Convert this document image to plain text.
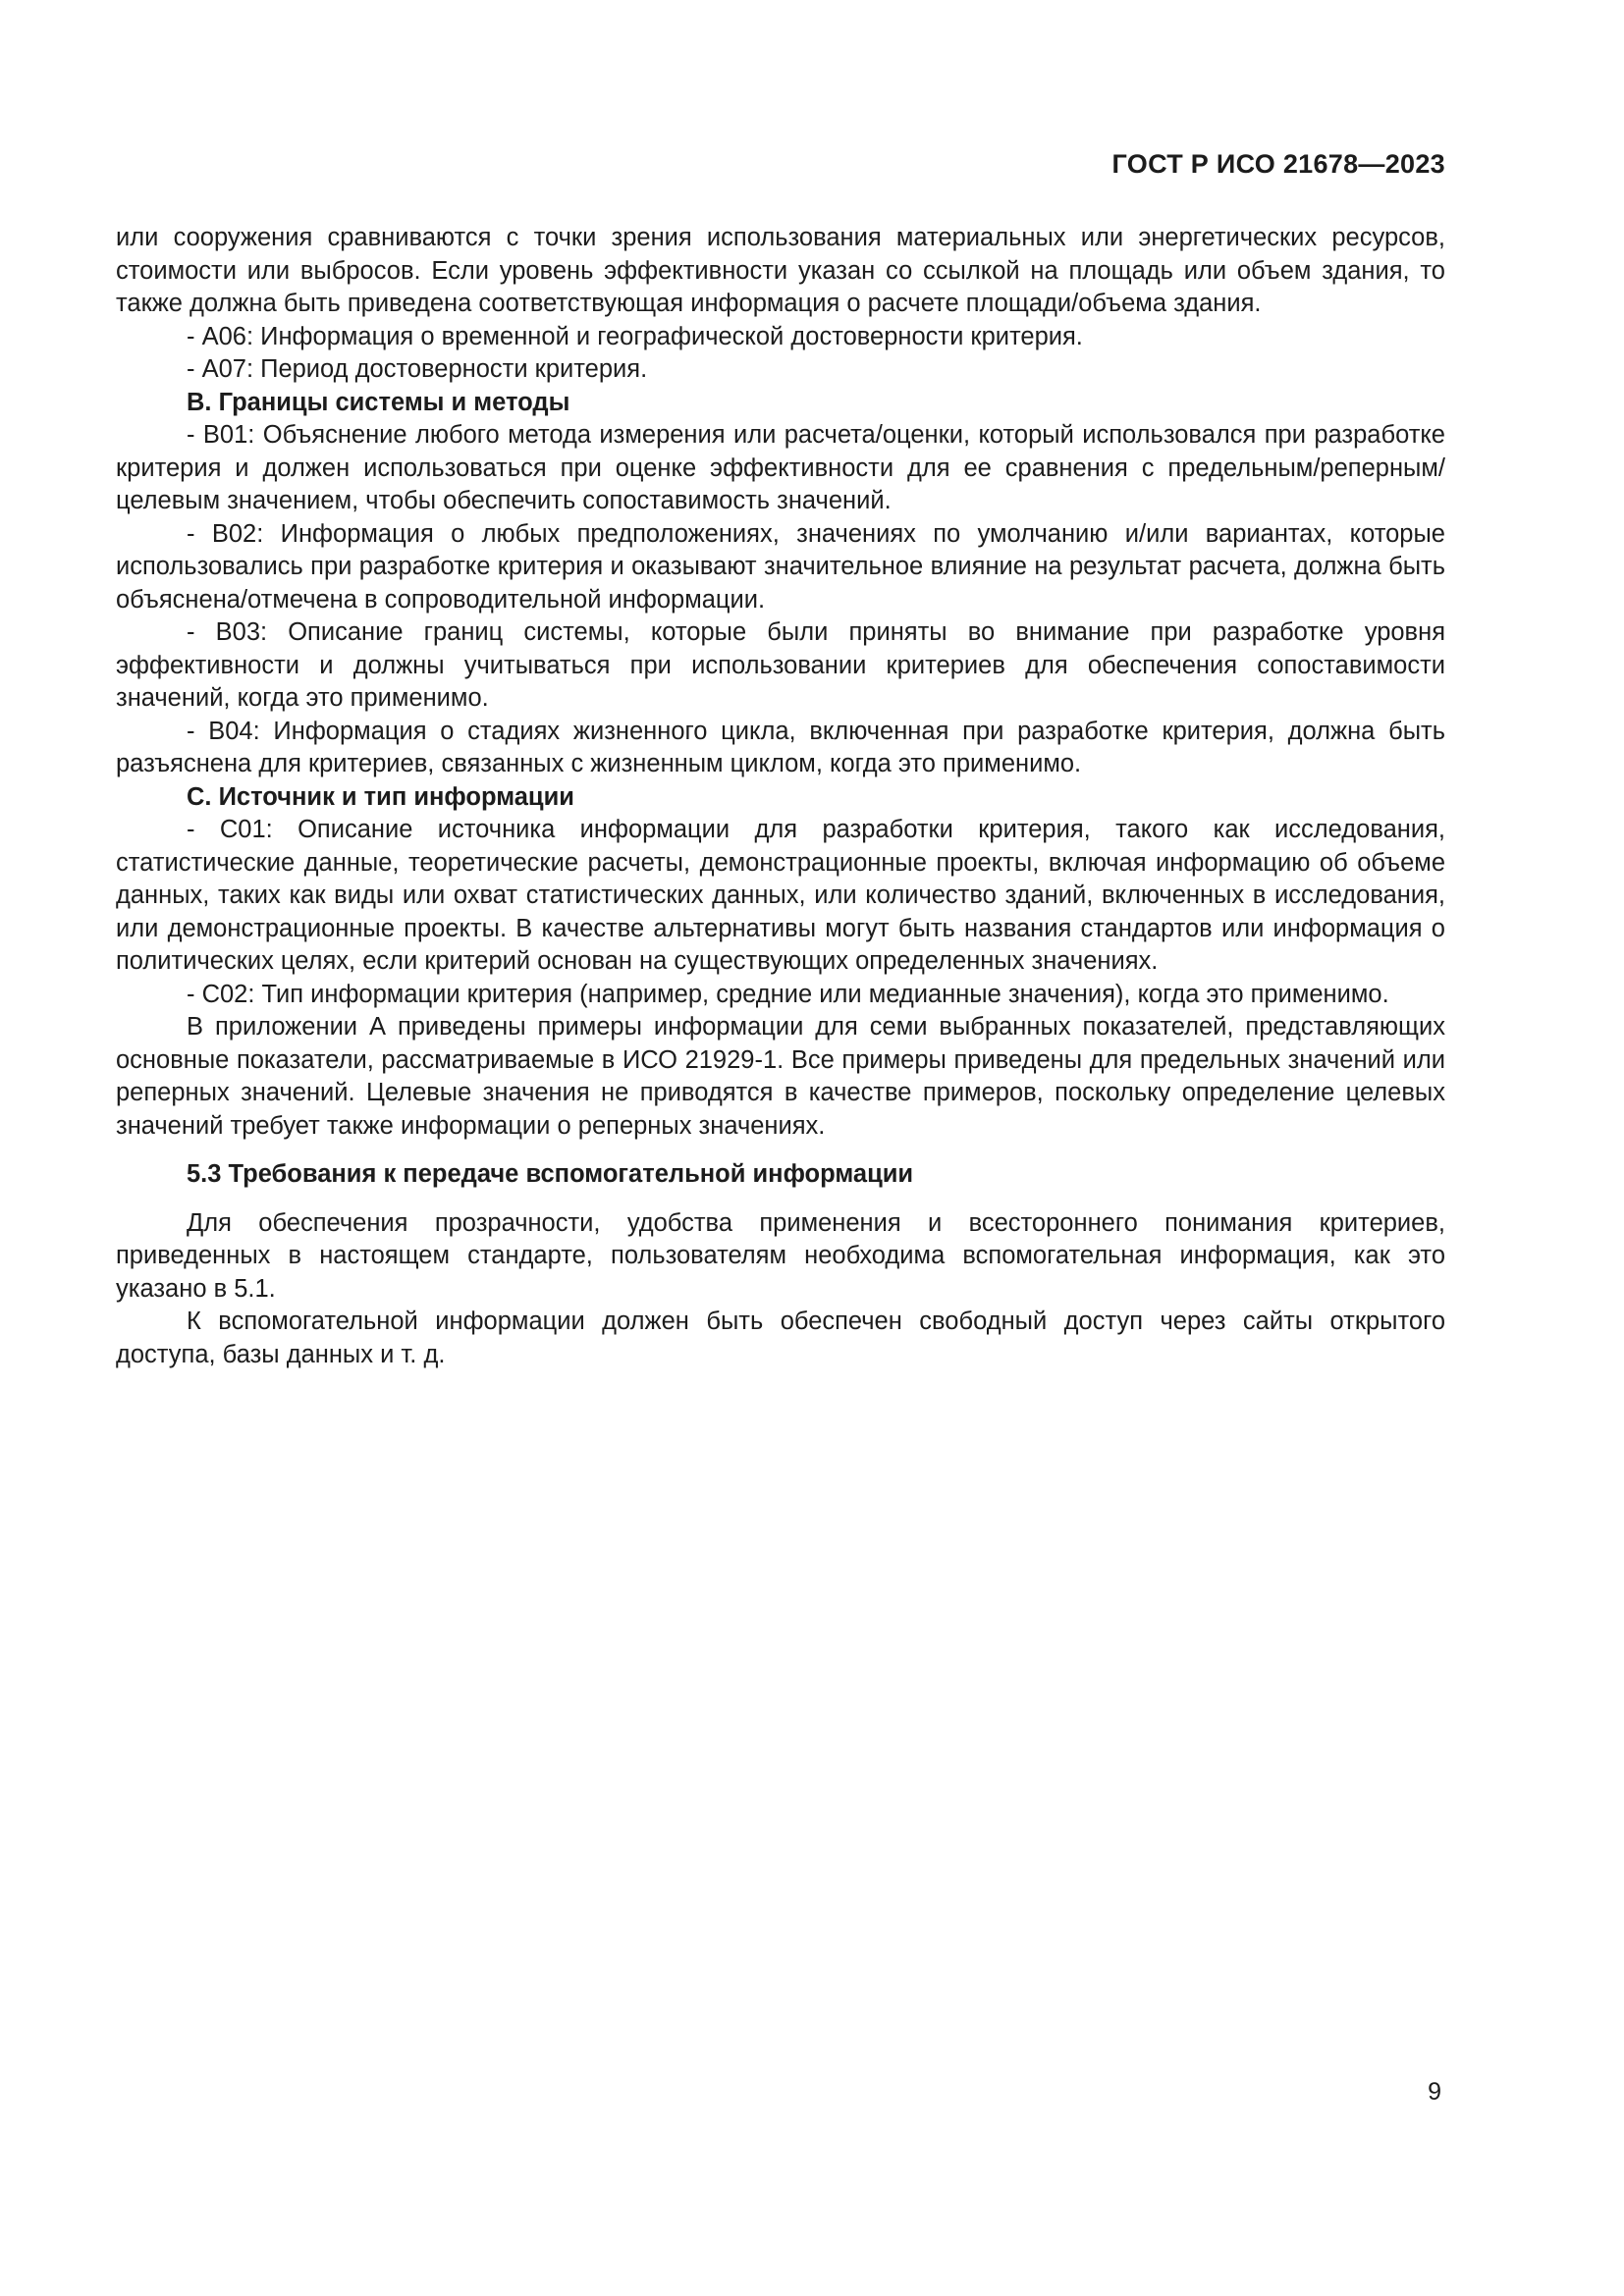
ГОСТ Р ИСО 21678—2023

или сооружения сравниваются с точки зрения использования материальных или энергетических ресурсов, стоимости или выбросов. Если уровень эффективности указан со ссылкой на площадь или объем здания, то также должна быть приведена соответствующая информация о расчете площади/объема здания.

- А06: Информация о временной и географической достоверности критерия.

- А07: Период достоверности критерия.

В. Границы системы и методы

- В01: Объяснение любого метода измерения или расчета/оценки, который использовался при разработке критерия и должен использоваться при оценке эффективности для ее сравнения с предельным/реперным/целевым значением, чтобы обеспечить сопоставимость значений.

- В02: Информация о любых предположениях, значениях по умолчанию и/или вариантах, которые использовались при разработке критерия и оказывают значительное влияние на результат расчета, должна быть объяснена/отмечена в сопроводительной информации.

- В03: Описание границ системы, которые были приняты во внимание при разработке уровня эффективности и должны учитываться при использовании критериев для обеспечения сопоставимости значений, когда это применимо.

- В04: Информация о стадиях жизненного цикла, включенная при разработке критерия, должна быть разъяснена для критериев, связанных с жизненным циклом, когда это применимо.

С. Источник и тип информации

- С01: Описание источника информации для разработки критерия, такого как исследования, статистические данные, теоретические расчеты, демонстрационные проекты, включая информацию об объеме данных, таких как виды или охват статистических данных, или количество зданий, включенных в исследования, или демонстрационные проекты. В качестве альтернативы могут быть названия стандартов или информация о политических целях, если критерий основан на существующих определенных значениях.

- С02: Тип информации критерия (например, средние или медианные значения), когда это применимо.

В приложении А приведены примеры информации для семи выбранных показателей, представляющих основные показатели, рассматриваемые в ИСО 21929-1. Все примеры приведены для предельных значений или реперных значений. Целевые значения не приводятся в качестве примеров, поскольку определение целевых значений требует также информации о реперных значениях.

5.3 Требования к передаче вспомогательной информации

Для обеспечения прозрачности, удобства применения и всестороннего понимания критериев, приведенных в настоящем стандарте, пользователям необходима вспомогательная информация, как это указано в 5.1.

К вспомогательной информации должен быть обеспечен свободный доступ через сайты открытого доступа, базы данных и т. д.

9
